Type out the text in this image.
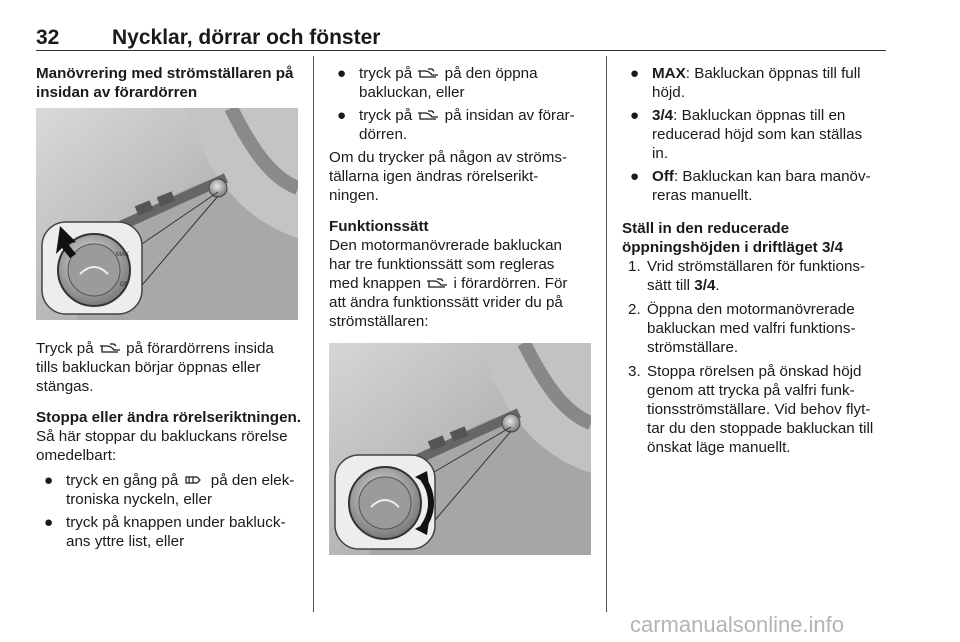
32	Nycklar, dörrar och fönster

Manövrering med strömställaren på
insidan av förardörren

MAX
Off

Tryck på på förardörrens insida
tills bakluckan börjar öppnas eller
stängas.

Stoppa eller ändra rörelseriktningen.

Så här stoppar du bakluckans rörelse
omedelbart:

● tryck en gång på på den elek-
troniska nyckeln, eller
● tryck på knappen under bakluck-
ans yttre list, eller
● tryck på på den öppna
bakluckan, eller
● tryck på på insidan av förar-
dörren.

Om du trycker på någon av ströms-
tällarna igen ändras rörelserikt-
ningen.

Funktionssätt

Den motormanövrerade bakluckan
har tre funktionssätt som regleras
med knappen i förardörren. För
att ändra funktionssätt vrider du på
strömställaren:

● MAX: Bakluckan öppnas till full
höjd.
● 3/4: Bakluckan öppnas till en
reducerad höjd som kan ställas
in.
● Off: Bakluckan kan bara manöv-
reras manuellt.

Ställ in den reducerade
öppningshöjden i driftläget 3/4

1. Vrid strömställaren för funktions-
sätt till 3/4.
2. Öppna den motormanövrerade
bakluckan med valfri funktions-
strömställare.
3. Stoppa rörelsen på önskad höjd
genom att trycka på valfri funk-
tionsströmställare. Vid behov flyt-
tar du den stoppade bakluckan till
önskat läge manuellt.
carmanualsonline.info
